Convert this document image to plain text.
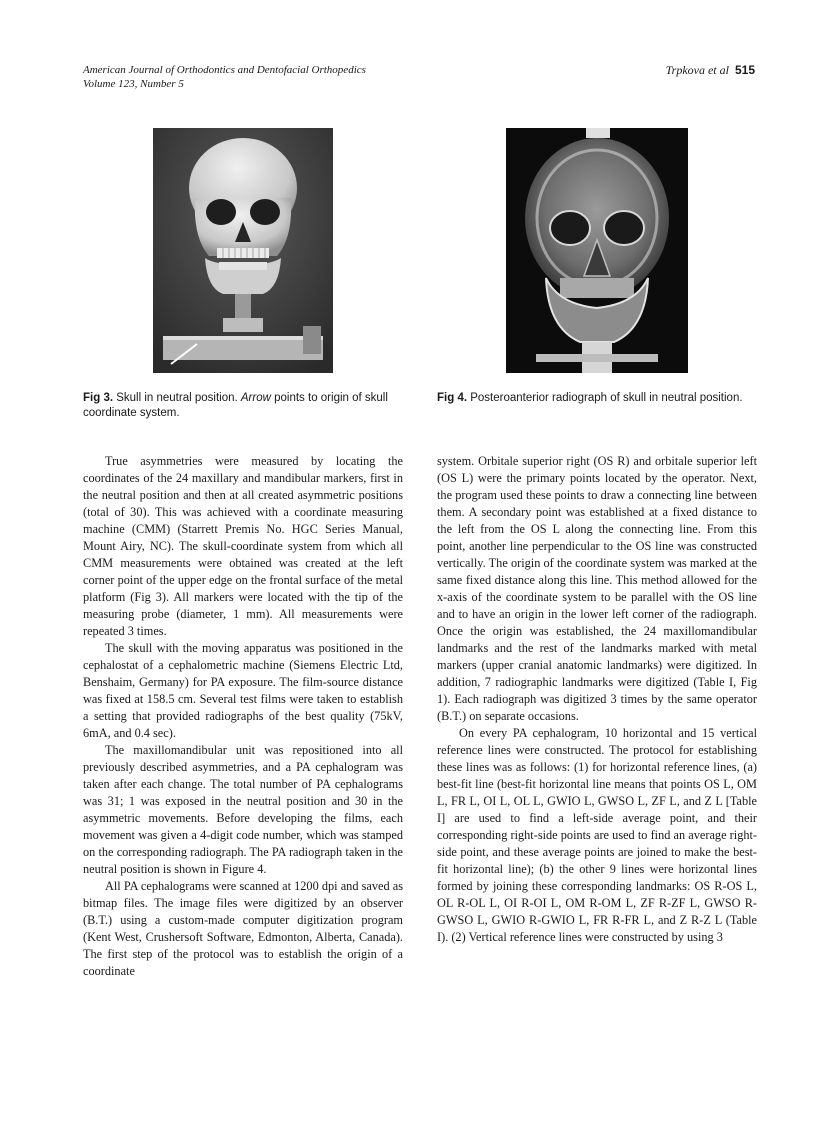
American Journal of Orthodontics and Dentofacial Orthopedics
Volume 123, Number 5
Trpkova et al 515
Fig 3. Skull in neutral position. Arrow points to origin of skull coordinate system.
Fig 4. Posteroanterior radiograph of skull in neutral position.

True asymmetries were measured by locating the coordinates of the 24 maxillary and mandibular markers, first in the neutral position and then at all created asymmetric positions (total of 30). This was achieved with a coordinate measuring machine (CMM) (Starrett Premis No. HGC Series Manual, Mount Airy, NC). The skull-coordinate system from which all CMM measurements were obtained was created at the left corner point of the upper edge on the frontal surface of the metal platform (Fig 3). All markers were located with the tip of the measuring probe (diameter, 1 mm). All measurements were repeated 3 times.

The skull with the moving apparatus was positioned in the cephalostat of a cephalometric machine (Siemens Electric Ltd, Benshaim, Germany) for PA exposure. The film-source distance was fixed at 158.5 cm. Several test films were taken to establish a setting that provided radiographs of the best quality (75kV, 6mA, and 0.4 sec).

The maxillomandibular unit was repositioned into all previously described asymmetries, and a PA cephalogram was taken after each change. The total number of PA cephalograms was 31; 1 was exposed in the neutral position and 30 in the asymmetric movements. Before developing the films, each movement was given a 4-digit code number, which was stamped on the corresponding radiograph. The PA radiograph taken in the neutral position is shown in Figure 4.

All PA cephalograms were scanned at 1200 dpi and saved as bitmap files. The image files were digitized by an observer (B.T.) using a custom-made computer digitization program (Kent West, Crushersoft Software, Edmonton, Alberta, Canada). The first step of the protocol was to establish the origin of a coordinate

system. Orbitale superior right (OS R) and orbitale superior left (OS L) were the primary points located by the operator. Next, the program used these points to draw a connecting line between them. A secondary point was established at a fixed distance to the left from the OS L along the connecting line. From this point, another line perpendicular to the OS line was constructed vertically. The origin of the coordinate system was marked at the same fixed distance along this line. This method allowed for the x-axis of the coordinate system to be parallel with the OS line and to have an origin in the lower left corner of the radiograph. Once the origin was established, the 24 maxillomandibular landmarks and the rest of the landmarks marked with metal markers (upper cranial anatomic landmarks) were digitized. In addition, 7 radiographic landmarks were digitized (Table I, Fig 1). Each radiograph was digitized 3 times by the same operator (B.T.) on separate occasions.

On every PA cephalogram, 10 horizontal and 15 vertical reference lines were constructed. The protocol for establishing these lines was as follows: (1) for horizontal reference lines, (a) best-fit line (best-fit horizontal line means that points OS L, OM L, FR L, OI L, OL L, GWIO L, GWSO L, ZF L, and Z L [Table I] are used to find a left-side average point, and their corresponding right-side points are used to find an average right-side point, and these average points are joined to make the best-fit horizontal line); (b) the other 9 lines were horizontal lines formed by joining these corresponding landmarks: OS R-OS L, OL R-OL L, OI R-OI L, OM R-OM L, ZF R-ZF L, GWSO R-GWSO L, GWIO R-GWIO L, FR R-FR L, and Z R-Z L (Table I). (2) Vertical reference lines were constructed by using 3
